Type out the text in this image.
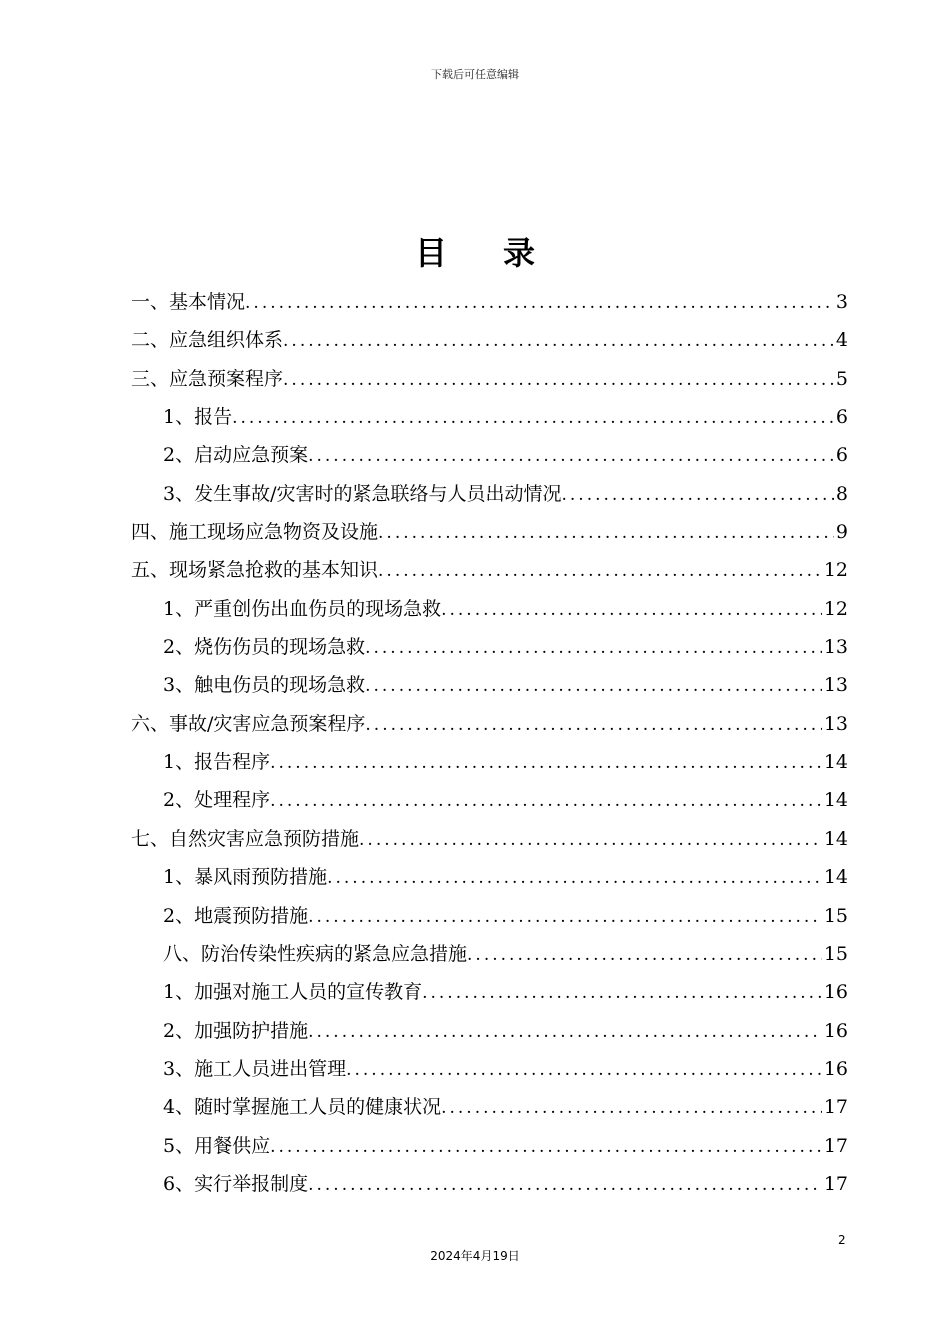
下载后可任意编辑
目录
一、基本情况 .....	3
二、应急组织体系 .....	4
三、应急预案程序 .....	5
1、报告 .....	6
2、启动应急预案 .....	6
3、发生事故/灾害时的紧急联络与人员出动情况 .....	8
四、施工现场应急物资及设施 .....	9
五、现场紧急抢救的基本知识 .....	12
1、严重创伤出血伤员的现场急救 .....	12
2、烧伤伤员的现场急救 .....	13
3、触电伤员的现场急救 .....	13
六、事故/灾害应急预案程序 .....	13
1、报告程序 .....	14
2、处理程序 .....	14
七、自然灾害应急预防措施 .....	14
1、暴风雨预防措施 .....	14
2、地震预防措施 .....	15
八、防治传染性疾病的紧急应急措施 .....	15
1、加强对施工人员的宣传教育 .....	16
2、加强防护措施 .....	16
3、施工人员进出管理 .....	16
4、随时掌握施工人员的健康状况 .....	17
5、用餐供应 .....	17
6、实行举报制度 .....	17
2
2024年4月19日
